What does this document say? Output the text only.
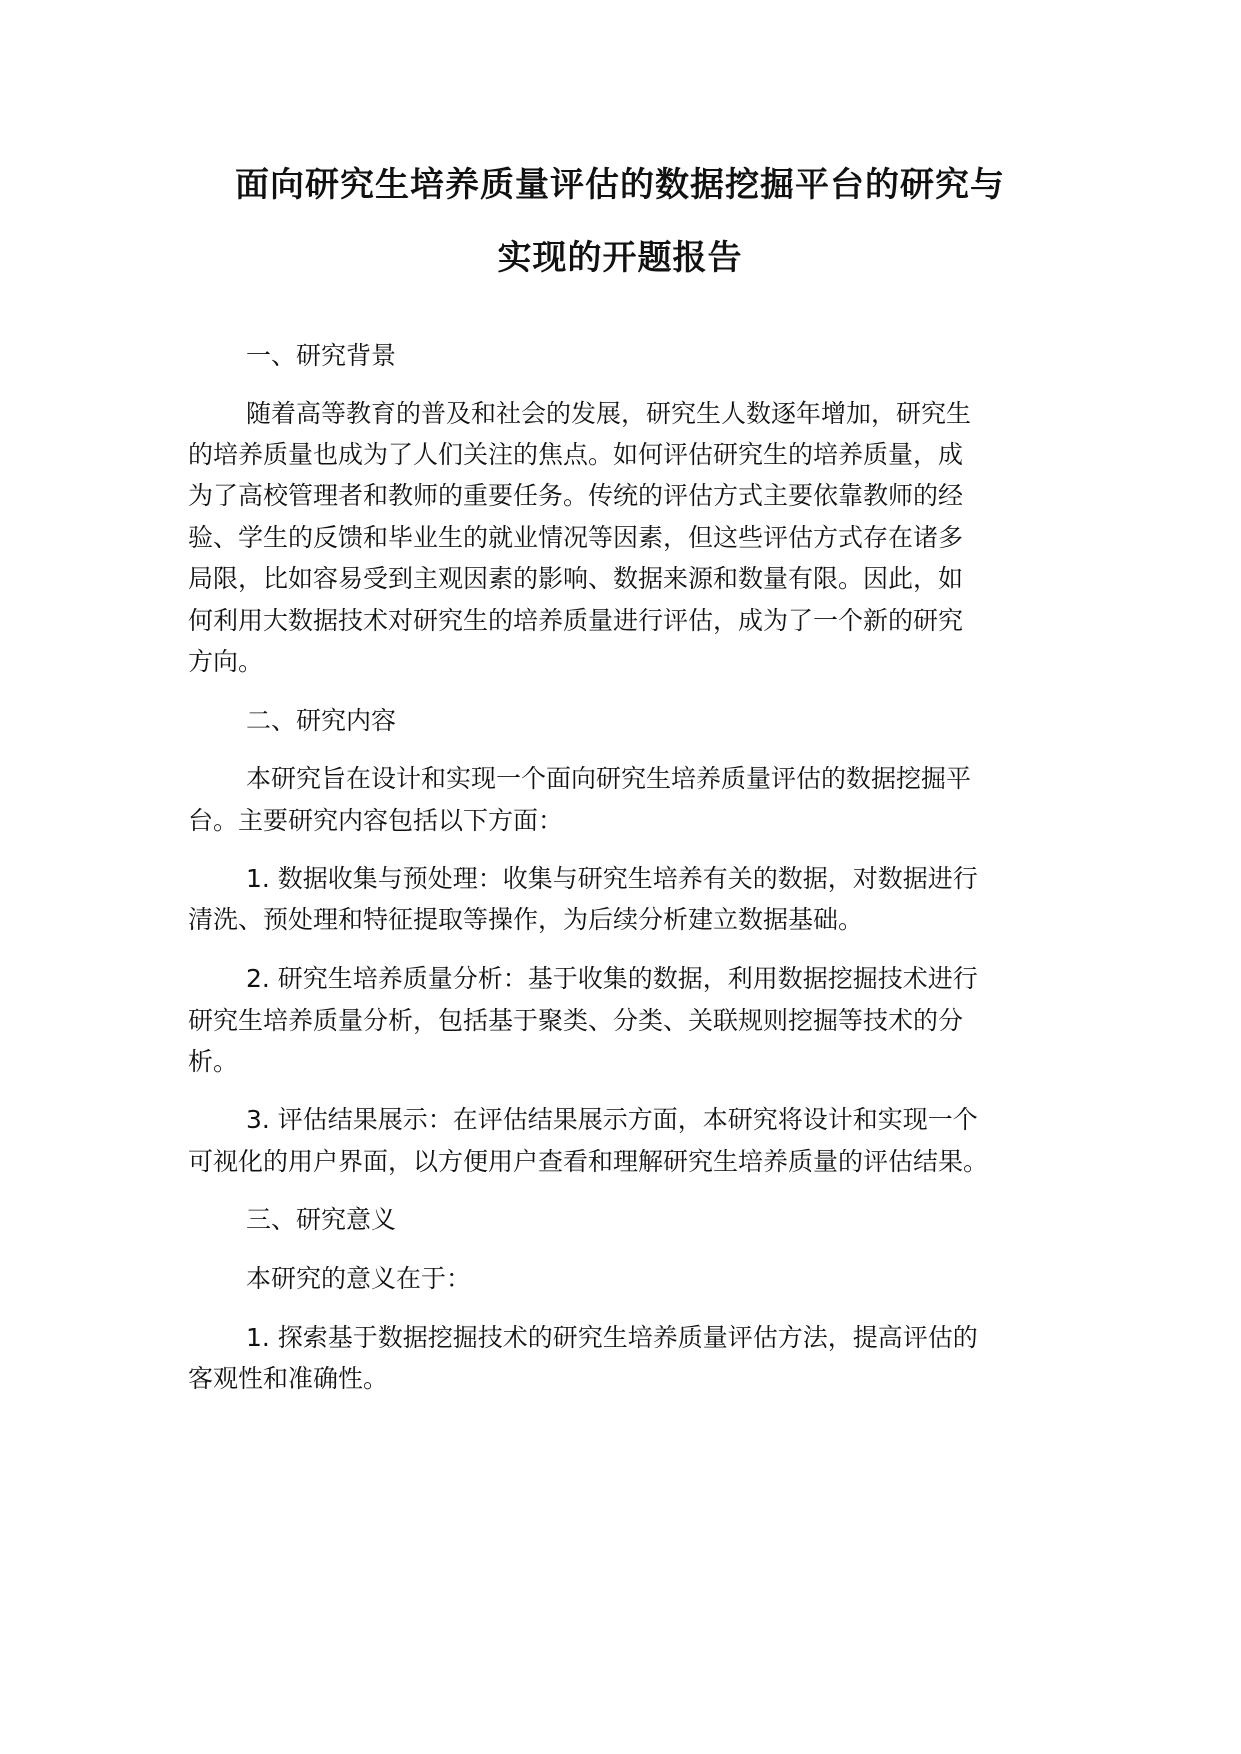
面向研究生培养质量评估的数据挖掘平台的研究与
实现的开题报告
一、研究背景
随着高等教育的普及和社会的发展，研究生人数逐年增加，研究生
的培养质量也成为了人们关注的焦点。如何评估研究生的培养质量，成
为了高校管理者和教师的重要任务。传统的评估方式主要依靠教师的经
验、学生的反馈和毕业生的就业情况等因素，但这些评估方式存在诸多
局限，比如容易受到主观因素的影响、数据来源和数量有限。因此，如
何利用大数据技术对研究生的培养质量进行评估，成为了一个新的研究
方向。
二、研究内容
本研究旨在设计和实现一个面向研究生培养质量评估的数据挖掘平
台。主要研究内容包括以下方面：
1. 数据收集与预处理：收集与研究生培养有关的数据，对数据进行
清洗、预处理和特征提取等操作，为后续分析建立数据基础。
2. 研究生培养质量分析：基于收集的数据，利用数据挖掘技术进行
研究生培养质量分析，包括基于聚类、分类、关联规则挖掘等技术的分
析。
3. 评估结果展示：在评估结果展示方面，本研究将设计和实现一个
可视化的用户界面，以方便用户查看和理解研究生培养质量的评估结果。
三、研究意义
本研究的意义在于：
1. 探索基于数据挖掘技术的研究生培养质量评估方法，提高评估的
客观性和准确性。
